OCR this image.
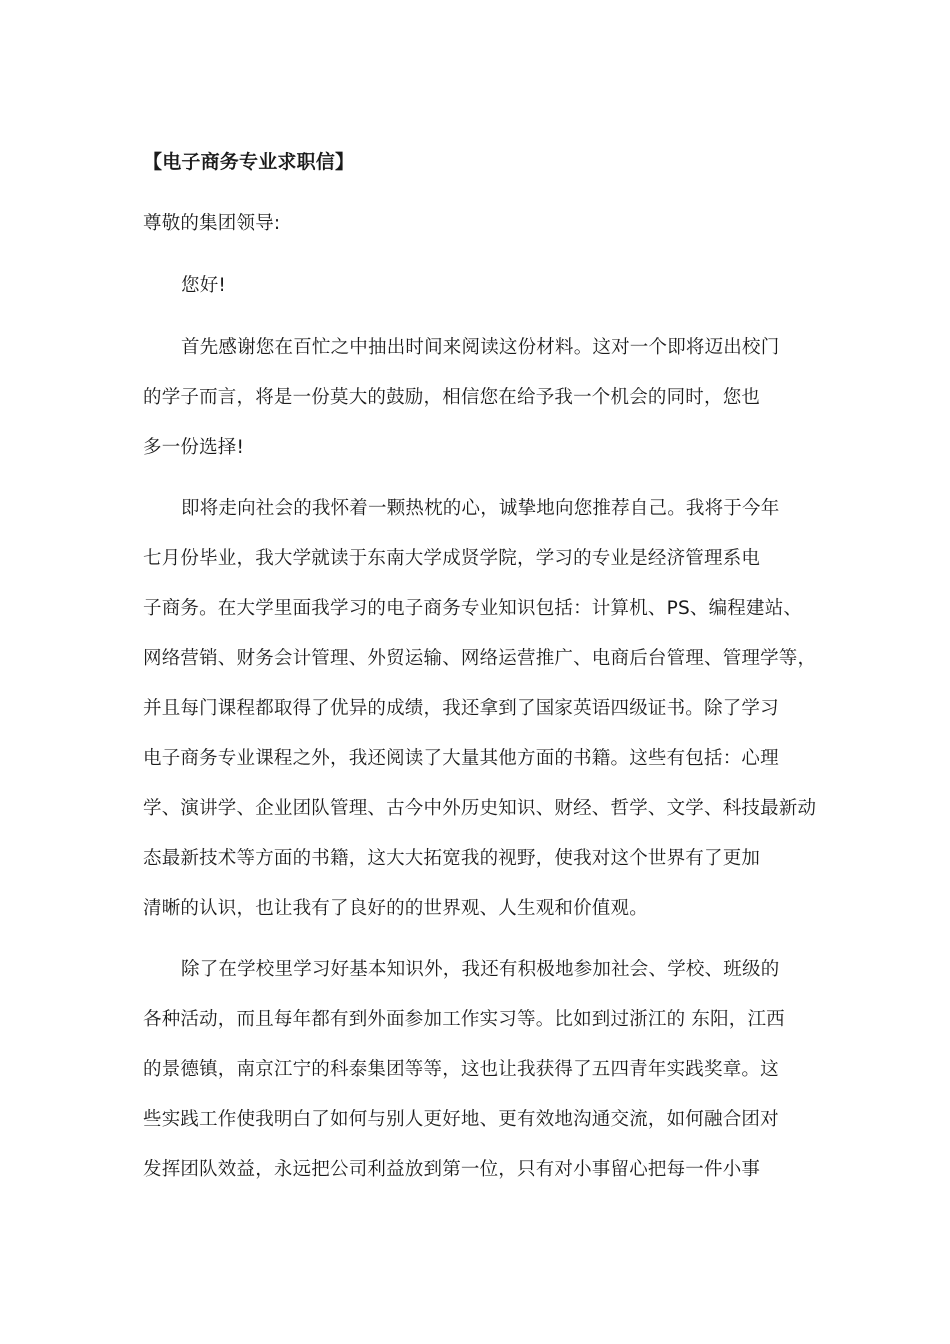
【电子商务专业求职信】
尊敬的集团领导:
您好!
首先感谢您在百忙之中抽出时间来阅读这份材料。这对一个即将迈出校门
的学子而言，将是一份莫大的鼓励，相信您在给予我一个机会的同时，您也
多一份选择!
即将走向社会的我怀着一颗热枕的心，诚挚地向您推荐自己。我将于今年
七月份毕业，我大学就读于东南大学成贤学院，学习的专业是经济管理系电
子商务。在大学里面我学习的电子商务专业知识包括：计算机、PS、编程建站、
网络营销、财务会计管理、外贸运输、网络运营推广、电商后台管理、管理学等，
并且每门课程都取得了优异的成绩，我还拿到了国家英语四级证书。除了学习
电子商务专业课程之外，我还阅读了大量其他方面的书籍。这些有包括：心理
学、演讲学、企业团队管理、古今中外历史知识、财经、哲学、文学、科技最新动
态最新技术等方面的书籍，这大大拓宽我的视野，使我对这个世界有了更加
清晰的认识，也让我有了良好的的世界观、人生观和价值观。
除了在学校里学习好基本知识外，我还有积极地参加社会、学校、班级的
各种活动，而且每年都有到外面参加工作实习等。比如到过浙江的 东阳，江西
的景德镇，南京江宁的科泰集团等等，这也让我获得了五四青年实践奖章。这
些实践工作使我明白了如何与别人更好地、更有效地沟通交流，如何融合团对
发挥团队效益，永远把公司利益放到第一位，只有对小事留心把每一件小事
